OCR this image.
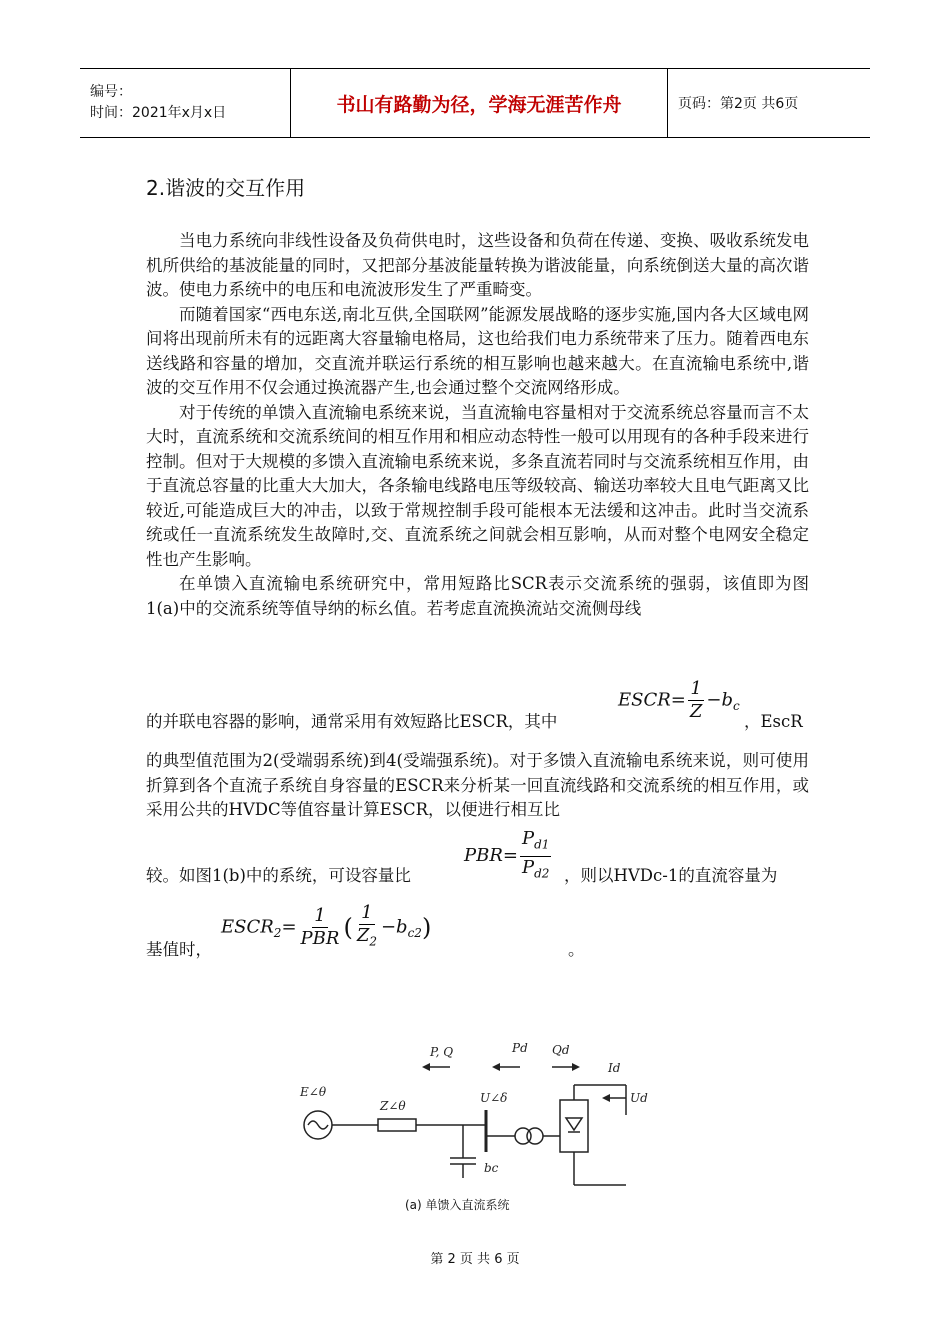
编号：
时间：2021年x月x日	书山有路勤为径，学海无涯苦作舟	页码：第2页 共6页
2.谐波的交互作用

当电力系统向非线性设备及负荷供电时，这些设备和负荷在传递、变换、吸收系统发电机所供给的基波能量的同时，又把部分基波能量转换为谐波能量，向系统倒送大量的高次谐波。使电力系统中的电压和电流波形发生了严重畸变。

而随着国家“西电东送,南北互供,全国联网”能源发展战略的逐步实施,国内各大区域电网间将出现前所未有的远距离大容量输电格局，这也给我们电力系统带来了压力。随着西电东送线路和容量的增加，交直流并联运行系统的相互影响也越来越大。在直流输电系统中,谐波的交互作用不仅会通过换流器产生,也会通过整个交流网络形成。

对于传统的单馈入直流输电系统来说，当直流输电容量相对于交流系统总容量而言不太大时，直流系统和交流系统间的相互作用和相应动态特性一般可以用现有的各种手段来进行控制。但对于大规模的多馈入直流输电系统来说，多条直流若同时与交流系统相互作用，由于直流总容量的比重大大加大，各条输电线路电压等级较高、输送功率较大且电气距离又比较近,可能造成巨大的冲击，以致于常规控制手段可能根本无法缓和这冲击。此时当交流系统或任一直流系统发生故障时,交、直流系统之间就会相互影响，从而对整个电网安全稳定性也产生影响。

在单馈入直流输电系统研究中，常用短路比SCR表示交流系统的强弱，该值即为图1(a)中的交流系统等值导纳的标幺值。若考虑直流换流站交流侧母线

的并联电容器的影响，通常采用有效短路比ESCR，其中
ESCR= $\frac{1}{Z} -b_c$
，EscR

的典型值范围为2(受端弱系统)到4(受端强系统)。对于多馈入直流输电系统来说，则可使用折算到各个直流子系统自身容量的ESCR来分析某一回直流线路和交流系统的相互作用，或采用公共的HVDC等值容量计算ESCR，以便进行相互比

较。如图1(b)中的系统，可设容量比
$PBR= \frac{P_{d1}}{P_{d2}}$ ，则以HVDc-1的直流容量为
基值时，
$ESCR_2= \frac{1}{\text{PBR}}$ ( $\frac{1}{Z_2} -b_{c2}$)
。
E∠θ
Z∠θ
U∠δ
P, Q	Pd Qd
Id
Ud
bc
(a) 单馈入直流系统
第 2 页 共 6 页
